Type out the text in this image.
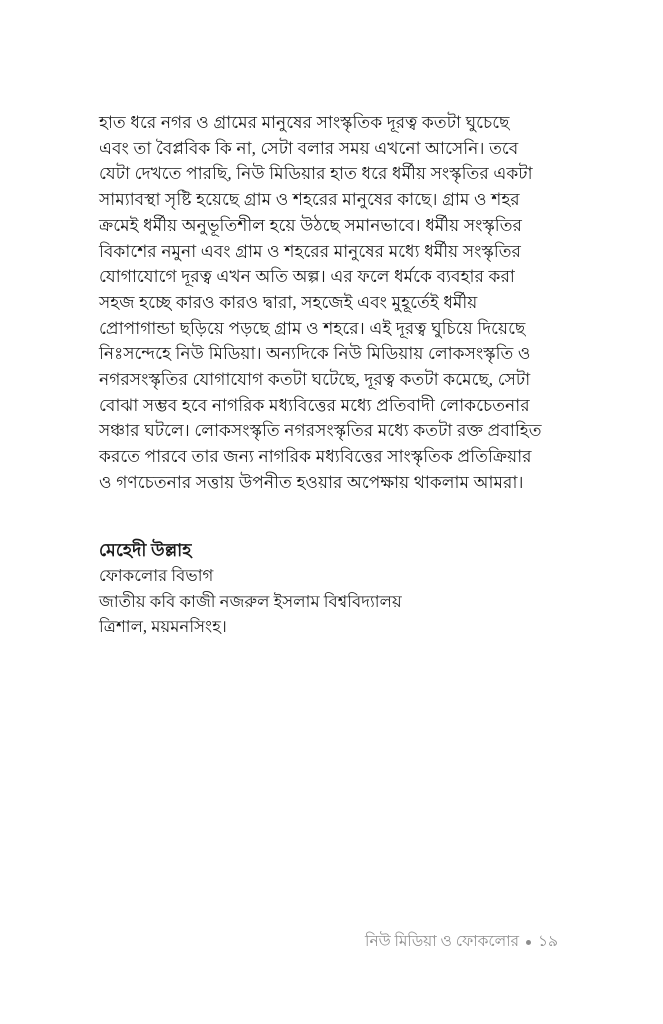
হাত ধরে নগর ও গ্রামের মানুষের সাংস্কৃতিক দূরত্ব কতটা ঘুচেছে
এবং তা বৈপ্লবিক কি না, সেটা বলার সময় এখনো আসেনি। তবে
যেটা দেখতে পারছি, নিউ মিডিয়ার হাত ধরে ধর্মীয় সংস্কৃতির একটা
সাম্যাবস্থা সৃষ্টি হয়েছে গ্রাম ও শহরের মানুষের কাছে। গ্রাম ও শহর
ক্রমেই ধর্মীয় অনুভূতিশীল হয়ে উঠছে সমানভাবে। ধর্মীয় সংস্কৃতির
বিকাশের নমুনা এবং গ্রাম ও শহরের মানুষের মধ্যে ধর্মীয় সংস্কৃতির
যোগাযোগে দূরত্ব এখন অতি অল্প। এর ফলে ধর্মকে ব্যবহার করা
সহজ হচ্ছে কারও কারও দ্বারা, সহজেই এবং মুহূর্তেই ধর্মীয়
প্রোপাগান্ডা ছড়িয়ে পড়ছে গ্রাম ও শহরে। এই দূরত্ব ঘুচিয়ে দিয়েছে
নিঃসন্দেহে নিউ মিডিয়া। অন্যদিকে নিউ মিডিয়ায় লোকসংস্কৃতি ও
নগরসংস্কৃতির যোগাযোগ কতটা ঘটেছে, দূরত্ব কতটা কমেছে, সেটা
বোঝা সম্ভব হবে নাগরিক মধ্যবিত্তের মধ্যে প্রতিবাদী লোকচেতনার
সঞ্চার ঘটলে। লোকসংস্কৃতি নগরসংস্কৃতির মধ্যে কতটা রক্ত প্রবাহিত
করতে পারবে তার জন্য নাগরিক মধ্যবিত্তের সাংস্কৃতিক প্রতিক্রিয়ার
ও গণচেতনার সত্তায় উপনীত হওয়ার অপেক্ষায় থাকলাম আমরা।

মেহেদী উল্লাহ

ফোকলোর বিভাগ

জাতীয় কবি কাজী নজরুল ইসলাম বিশ্ববিদ্যালয়

ত্রিশাল, ময়মনসিংহ।

নিউ মিডিয়া ও ফোকলোর ১৯
